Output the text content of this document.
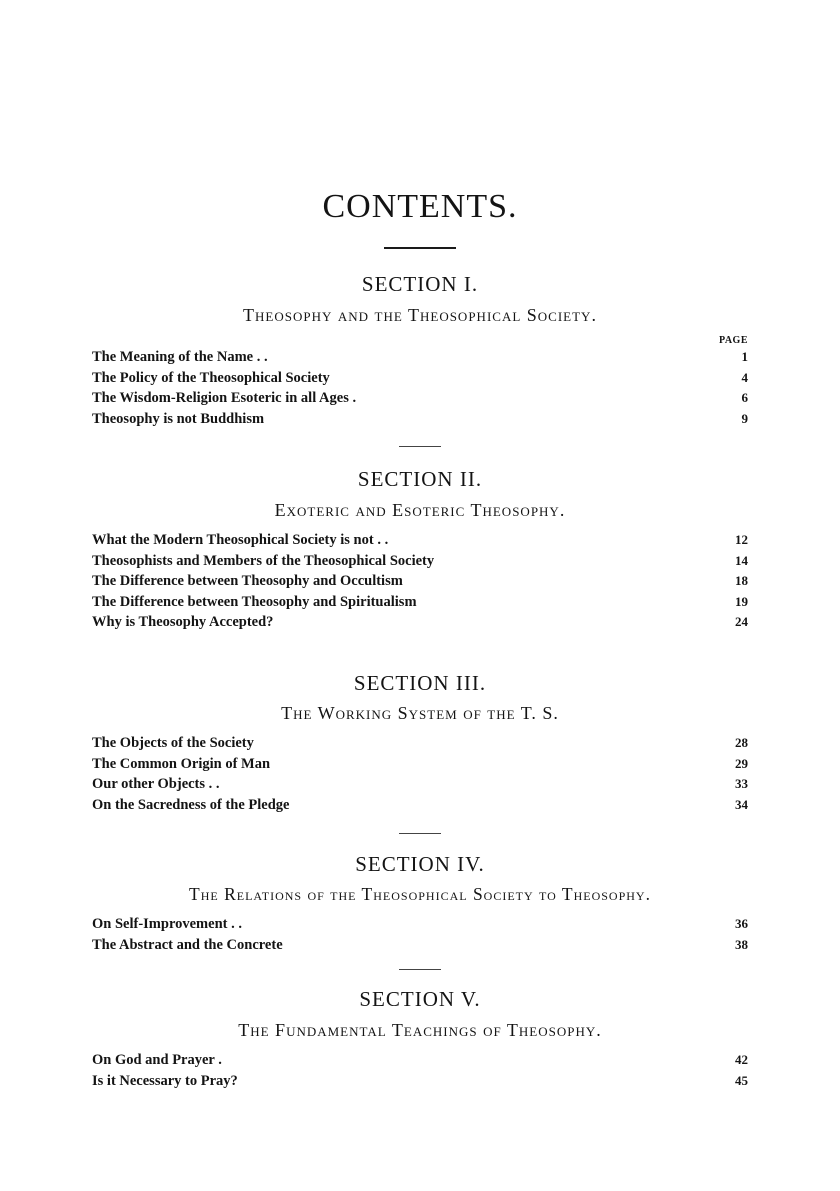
CONTENTS.
SECTION I.
Theosophy and the Theosophical Society.
PAGE
The Meaning of the Name . .	1
The Policy of the Theosophical Society	4
The Wisdom-Religion Esoteric in all Ages .	6
Theosophy is not Buddhism	9
SECTION II.
Exoteric and Esoteric Theosophy.
What the Modern Theosophical Society is not . .	12
Theosophists and Members of the Theosophical Society	14
The Difference between Theosophy and Occultism	18
The Difference between Theosophy and Spiritualism	19
Why is Theosophy Accepted?	24
SECTION III.
The Working System of the T. S.
The Objects of the Society	28
The Common Origin of Man	29
Our other Objects . .	33
On the Sacredness of the Pledge	34
SECTION IV.
The Relations of the Theosophical Society to Theosophy.
On Self-Improvement . .	36
The Abstract and the Concrete	38
SECTION V.
The Fundamental Teachings of Theosophy.
On God and Prayer .	42
Is it Necessary to Pray?	45
